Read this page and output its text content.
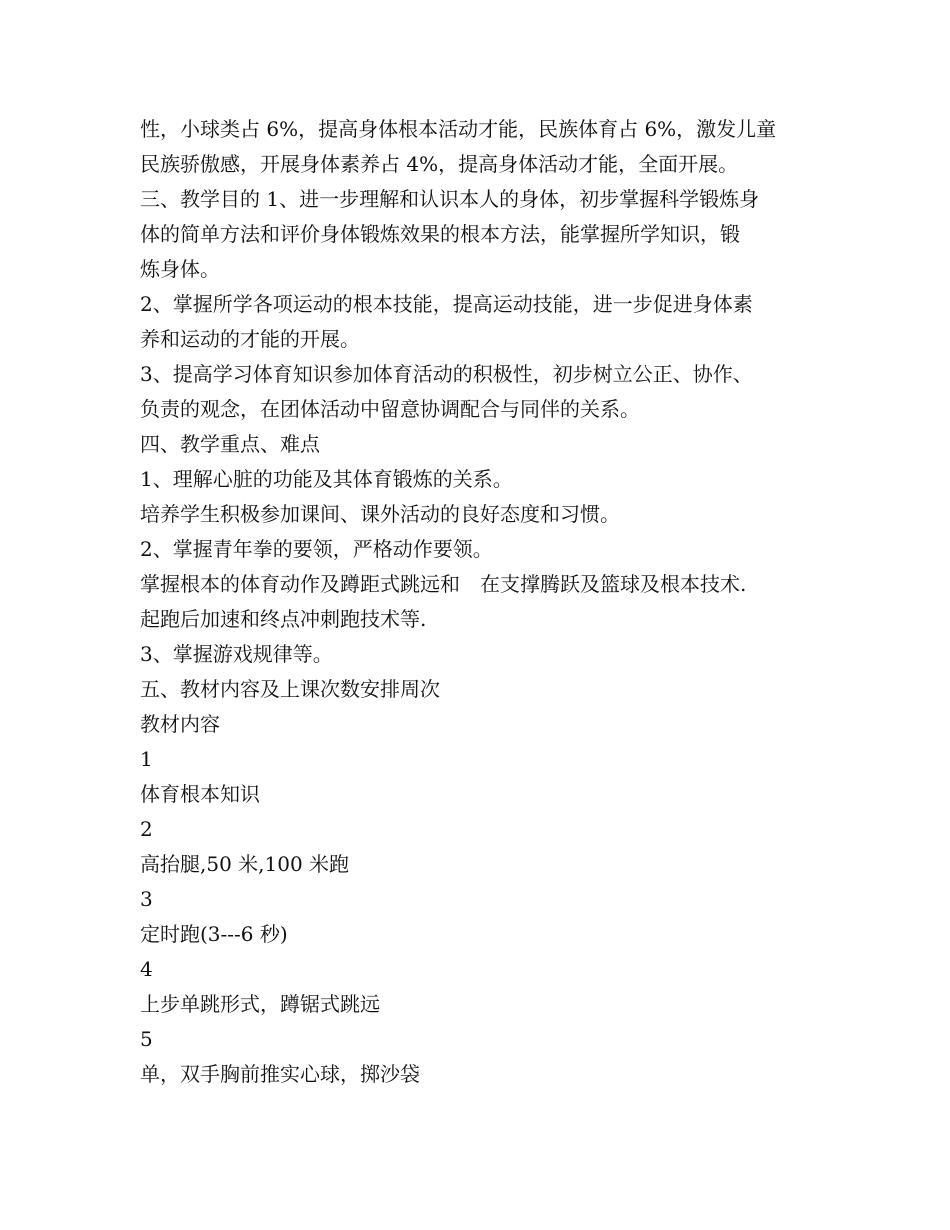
性，小球类占 6%，提高身体根本活动才能，民族体育占 6%，激发儿童

民族骄傲感，开展身体素养占 4%，提高身体活动才能，全面开展。

三、教学目的 1、进一步理解和认识本人的身体，初步掌握科学锻炼身

体的简单方法和评价身体锻炼效果的根本方法，能掌握所学知识，锻

炼身体。

2、掌握所学各项运动的根本技能，提高运动技能，进一步促进身体素

养和运动的才能的开展。

3、提高学习体育知识参加体育活动的积极性，初步树立公正、协作、

负责的观念，在团体活动中留意协调配合与同伴的关系。

四、教学重点、难点

1、理解心脏的功能及其体育锻炼的关系。

培养学生积极参加课间、课外活动的良好态度和习惯。

2、掌握青年拳的要领，严格动作要领。

掌握根本的体育动作及蹲距式跳远和　在支撑腾跃及篮球及根本技术.

起跑后加速和终点冲刺跑技术等.

3、掌握游戏规律等。

五、教材内容及上课次数安排周次

教材内容

1

体育根本知识

2

高抬腿,50 米,100 米跑

3

定时跑(3---6 秒)

4

上步单跳形式，蹲锯式跳远

5

单，双手胸前推实心球，掷沙袋
